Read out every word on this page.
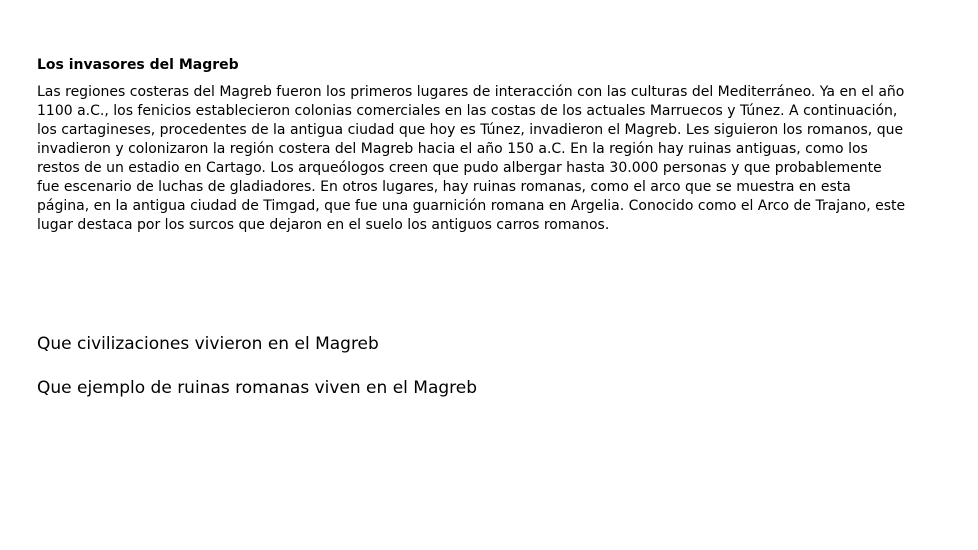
Los invasores del Magreb

Las regiones costeras del Magreb fueron los primeros lugares de interacción con las culturas del Mediterráneo. Ya en el año 1100 a.C., los fenicios establecieron colonias comerciales en las costas de los actuales Marruecos y Túnez. A continuación, los cartagineses, procedentes de la antigua ciudad que hoy es Túnez, invadieron el Magreb. Les siguieron los romanos, que invadieron y colonizaron la región costera del Magreb hacia el año 150 a.C. En la región hay ruinas antiguas, como los restos de un estadio en Cartago. Los arqueólogos creen que pudo albergar hasta 30.000 personas y que probablemente fue escenario de luchas de gladiadores. En otros lugares, hay ruinas romanas, como el arco que se muestra en esta página, en la antigua ciudad de Timgad, que fue una guarnición romana en Argelia. Conocido como el Arco de Trajano, este lugar destaca por los surcos que dejaron en el suelo los antiguos carros romanos.

Que civilizaciones vivieron en el Magreb

Que ejemplo de ruinas romanas viven en el Magreb
